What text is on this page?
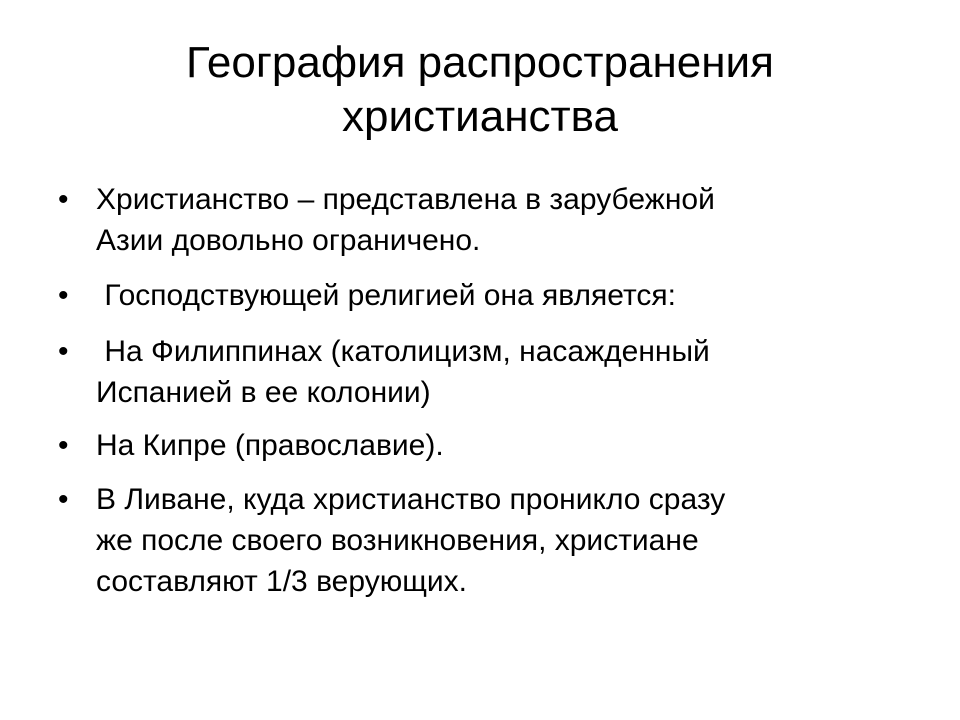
География распространения
христианства
• Христианство – представлена в зарубежной
Азии довольно ограничено.
• Господствующей религией она является:
• На Филиппинах (католицизм, насажденный
Испанией в ее колонии)
• На Кипре (православие).
• В Ливане, куда христианство проникло сразу
же после своего возникновения, христиане
составляют 1/3 верующих.
